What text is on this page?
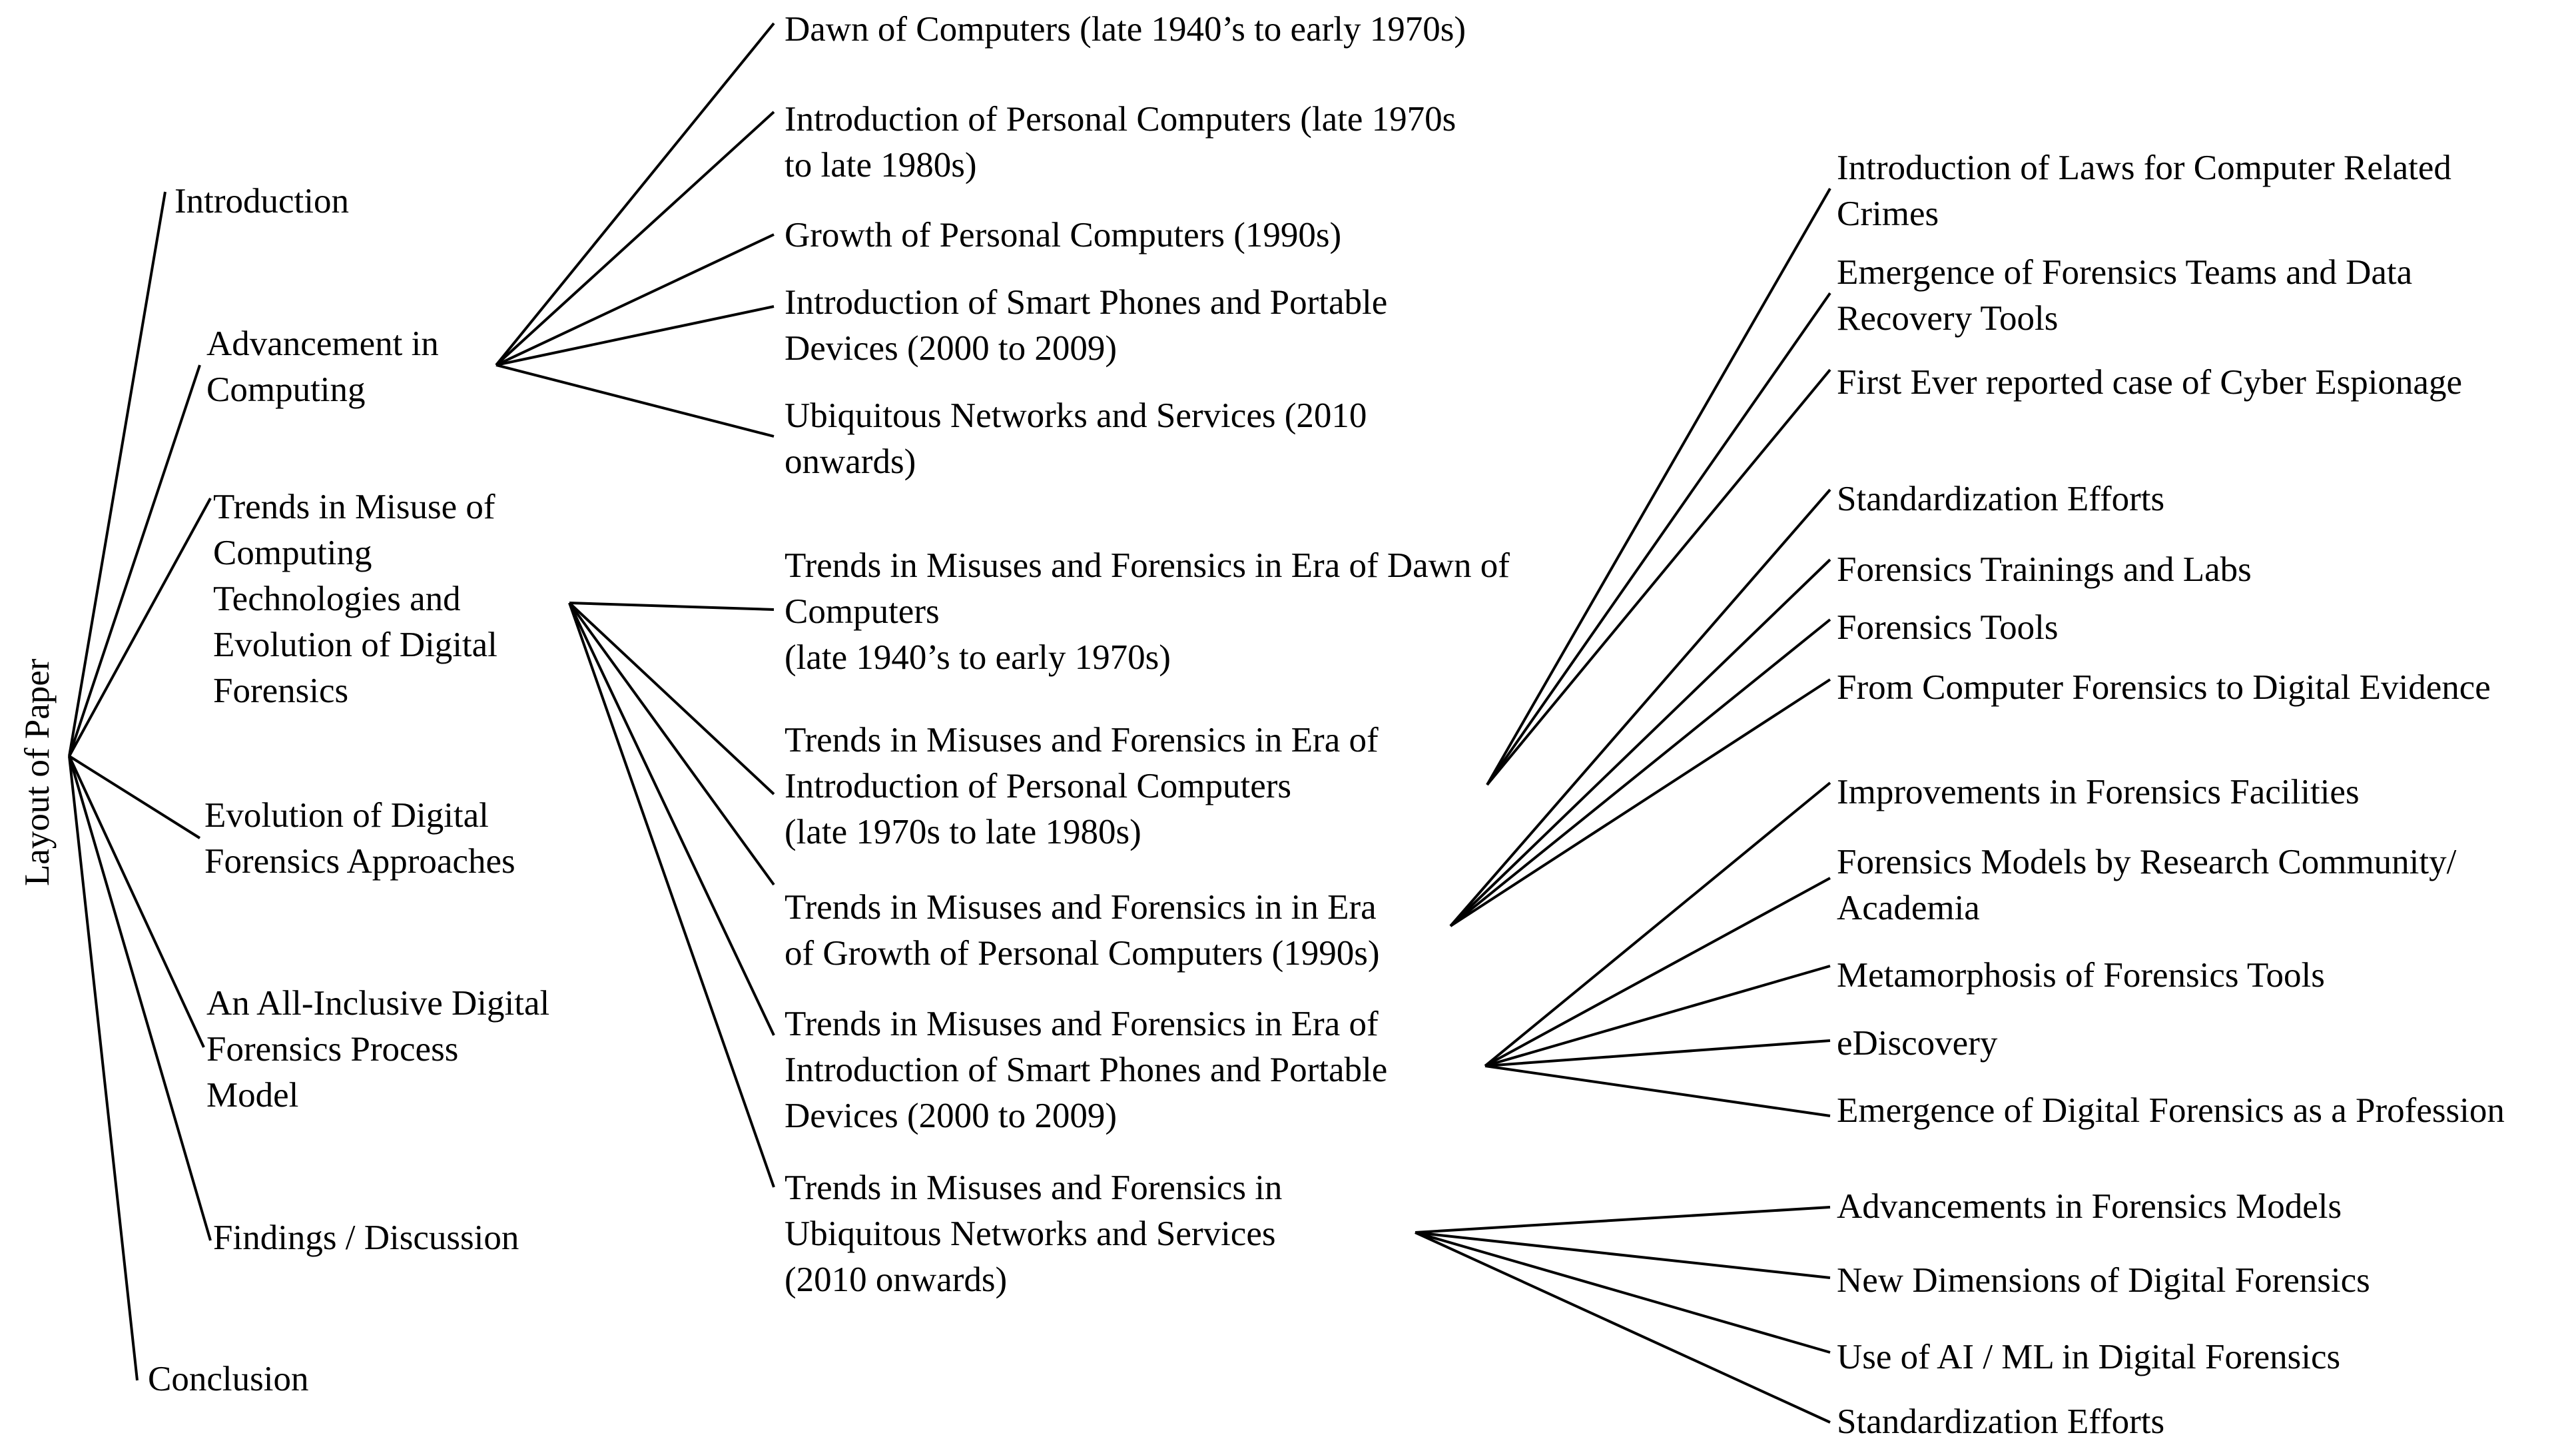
Layout of Paper
Introduction
Advancement in
Computing
Trends in Misuse of
Computing
Technologies and
Evolution of Digital
Forensics
Evolution of Digital
Forensics Approaches
An All-Inclusive Digital
Forensics Process
Model
Findings / Discussion
Conclusion
Dawn of Computers (late 1940’s to early 1970s)
Introduction of Personal Computers (late 1970s
to late 1980s)
Growth of Personal Computers (1990s)
Introduction of Smart Phones and Portable
Devices (2000 to 2009)
Ubiquitous Networks and Services (2010
onwards)
Trends in Misuses and Forensics in Era of Dawn of
Computers
(late 1940’s to early 1970s)
Trends in Misuses and Forensics in Era of
Introduction of Personal Computers
(late 1970s to late 1980s)
Trends in Misuses and Forensics in in Era
of Growth of Personal Computers (1990s)
Trends in Misuses and Forensics in Era of
Introduction of Smart Phones and Portable
Devices (2000 to 2009)
Trends in Misuses and Forensics in
Ubiquitous Networks and Services
(2010 onwards)
Introduction of Laws for Computer Related
Crimes
Emergence of Forensics Teams and Data
Recovery Tools
First Ever reported case of Cyber Espionage
Standardization Efforts
Forensics Trainings and Labs
Forensics Tools
From Computer Forensics to Digital Evidence
Improvements in Forensics Facilities
Forensics Models by Research Community/
Academia
Metamorphosis of Forensics Tools
eDiscovery
Emergence of Digital Forensics as a Profession
Advancements in Forensics Models
New Dimensions of Digital Forensics
Use of AI / ML in Digital Forensics
Standardization Efforts
